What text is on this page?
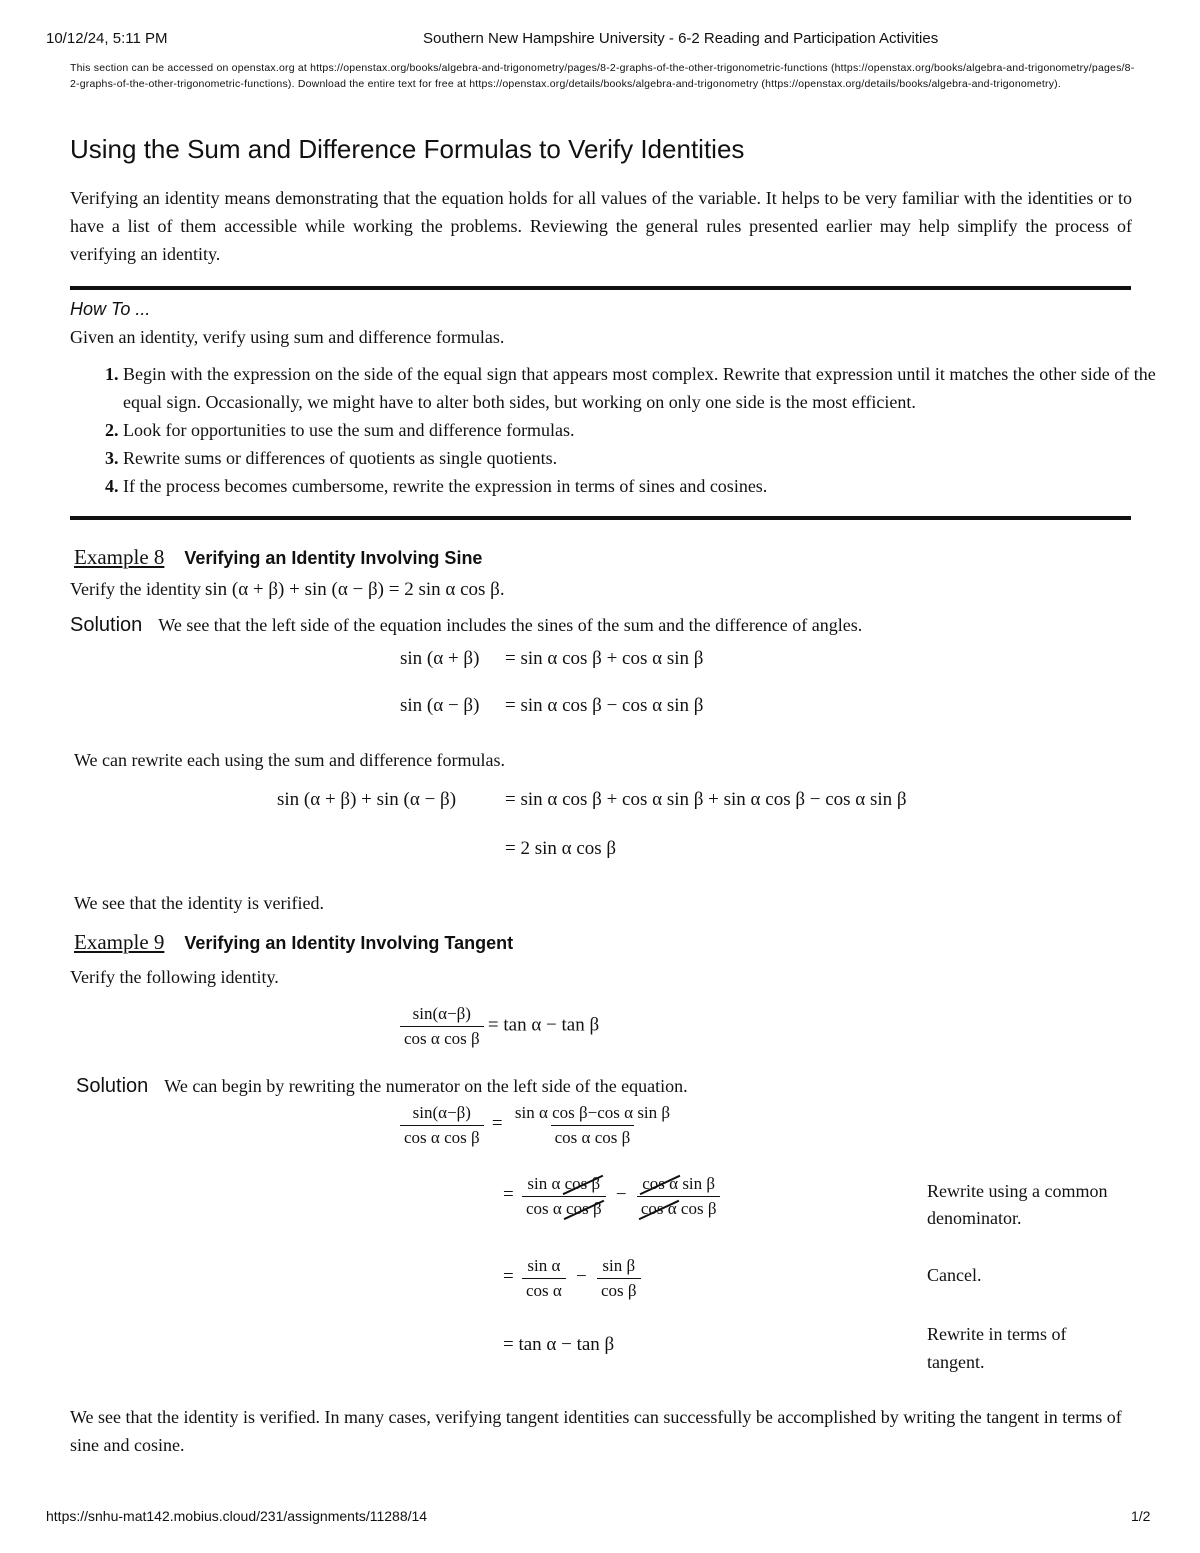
10/12/24, 5:11 PM	Southern New Hampshire University - 6-2 Reading and Participation Activities
This section can be accessed on openstax.org at https://openstax.org/books/algebra-and-trigonometry/pages/8-2-graphs-of-the-other-trigonometric-functions (https://openstax.org/books/algebra-and-trigonometry/pages/8-2-graphs-of-the-other-trigonometric-functions). Download the entire text for free at https://openstax.org/details/books/algebra-and-trigonometry (https://openstax.org/details/books/algebra-and-trigonometry).
Using the Sum and Difference Formulas to Verify Identities
Verifying an identity means demonstrating that the equation holds for all values of the variable. It helps to be very familiar with the identities or to have a list of them accessible while working the problems. Reviewing the general rules presented earlier may help simplify the process of verifying an identity.
How To ...
Given an identity, verify using sum and difference formulas.
1. Begin with the expression on the side of the equal sign that appears most complex. Rewrite that expression until it matches the other side of the equal sign. Occasionally, we might have to alter both sides, but working on only one side is the most efficient.
2. Look for opportunities to use the sum and difference formulas.
3. Rewrite sums or differences of quotients as single quotients.
4. If the process becomes cumbersome, rewrite the expression in terms of sines and cosines.
Example 8 Verifying an Identity Involving Sine
Verify the identity sin (α + β) + sin (α − β) = 2 sin α cos β.
Solution We see that the left side of the equation includes the sines of the sum and the difference of angles.
sin (α + β) = sin α cos β + cos α sin β
sin (α − β) = sin α cos β − cos α sin β
We can rewrite each using the sum and difference formulas.
sin (α + β) + sin (α − β)	= sin α cos β + cos α sin β + sin α cos β − cos α sin β
= 2 sin α cos β
We see that the identity is verified.
Example 9 Verifying an Identity Involving Tangent
Verify the following identity.
$\frac{\sin(\alpha-\beta)}{\text{cos α cos β}} = \tan \alpha - \tan \beta$
Solution We can begin by rewriting the numerator on the left side of the equation.
$\frac{\sin(\alpha-\beta)}{\text{cos α cos β}} = \frac{\text{sin α cos β−cos α sin β}}{\text{cos α cos β}}$
= $\frac{\text{sin α cos β}}{\text{cos α cos β}} - \frac{\text{cos α sin β}}{\text{cos α cos β}}$	Rewrite using a common denominator.
= $\frac{\text{sin α}}{\text{cos α}} - \frac{\text{sin β}}{\text{cos β}}$	Cancel.
= tan α − tan β	Rewrite in terms of tangent.
We see that the identity is verified. In many cases, verifying tangent identities can successfully be accomplished by writing the tangent in terms of sine and cosine.
https://snhu-mat142.mobius.cloud/231/assignments/11288/14	1/2
